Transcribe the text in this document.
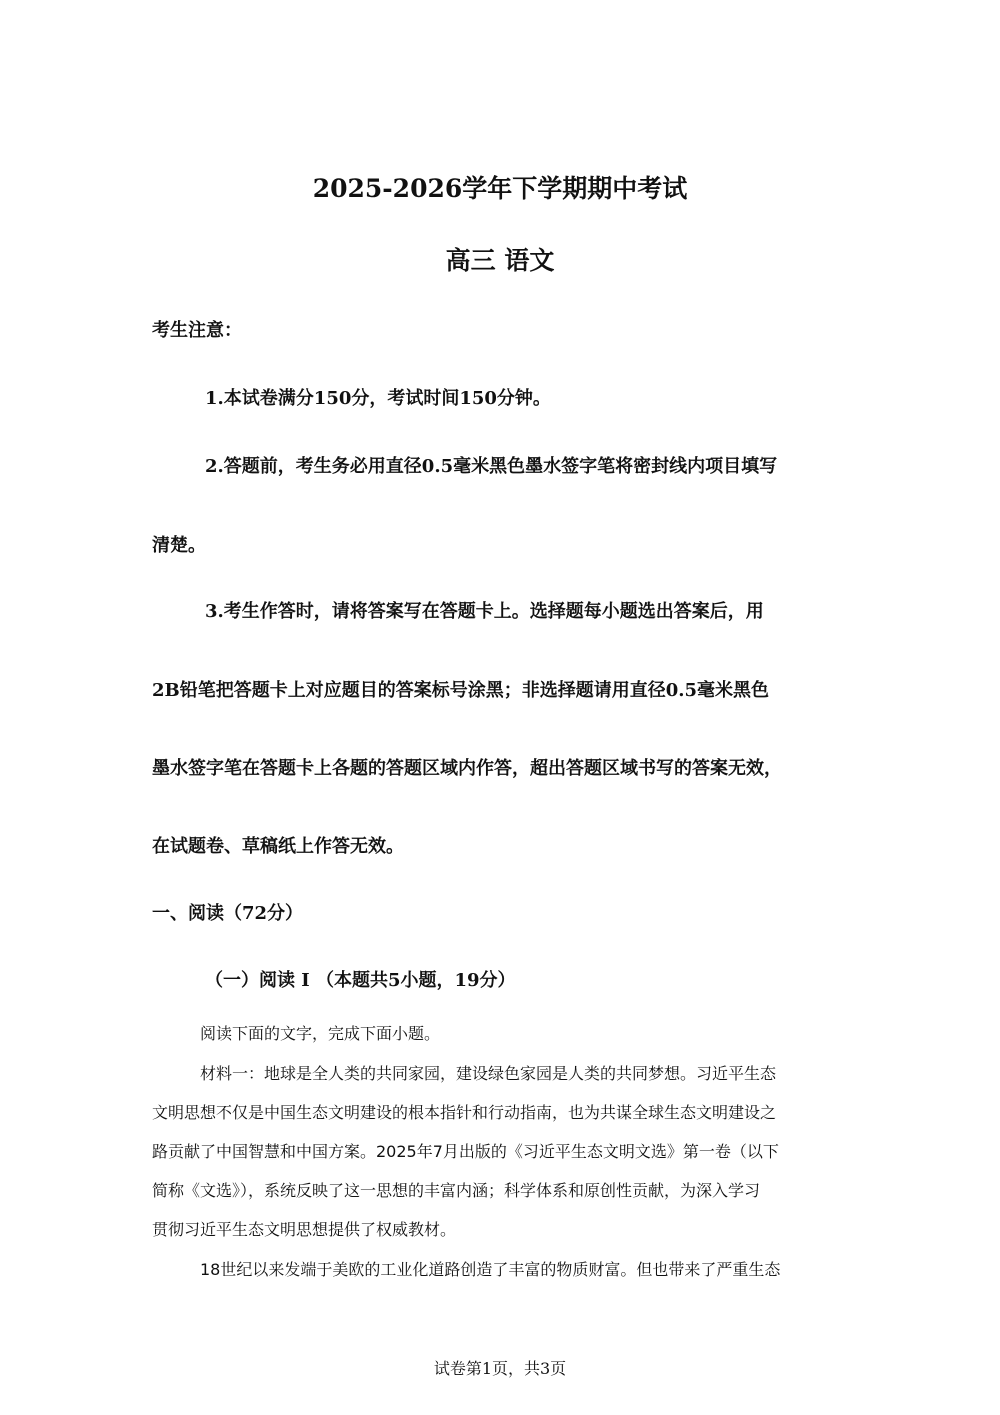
2025-2026学年下学期期中考试
高三 语文
考生注意：
1.本试卷满分150分，考试时间150分钟。
2.答题前，考生务必用直径0.5毫米黑色墨水签字笔将密封线内项目填写
清楚。
3.考生作答时，请将答案写在答题卡上。选择题每小题选出答案后，用
2B铅笔把答题卡上对应题目的答案标号涂黑；非选择题请用直径0.5毫米黑色
墨水签字笔在答题卡上各题的答题区域内作答，超出答题区域书写的答案无效，
在试题卷、草稿纸上作答无效。
一、阅读（72分）
（一）阅读 I （本题共5小题，19分）
阅读下面的文字，完成下面小题。
材料一：地球是全人类的共同家园，建设绿色家园是人类的共同梦想。习近平生态
文明思想不仅是中国生态文明建设的根本指针和行动指南，也为共谋全球生态文明建设之
路贡献了中国智慧和中国方案。2025年7月出版的《习近平生态文明文选》第一卷（以下
简称《文选》），系统反映了这一思想的丰富内涵；科学体系和原创性贡献，为深入学习
贯彻习近平生态文明思想提供了权威教材。
18世纪以来发端于美欧的工业化道路创造了丰富的物质财富。但也带来了严重生态
试卷第1页，共3页
